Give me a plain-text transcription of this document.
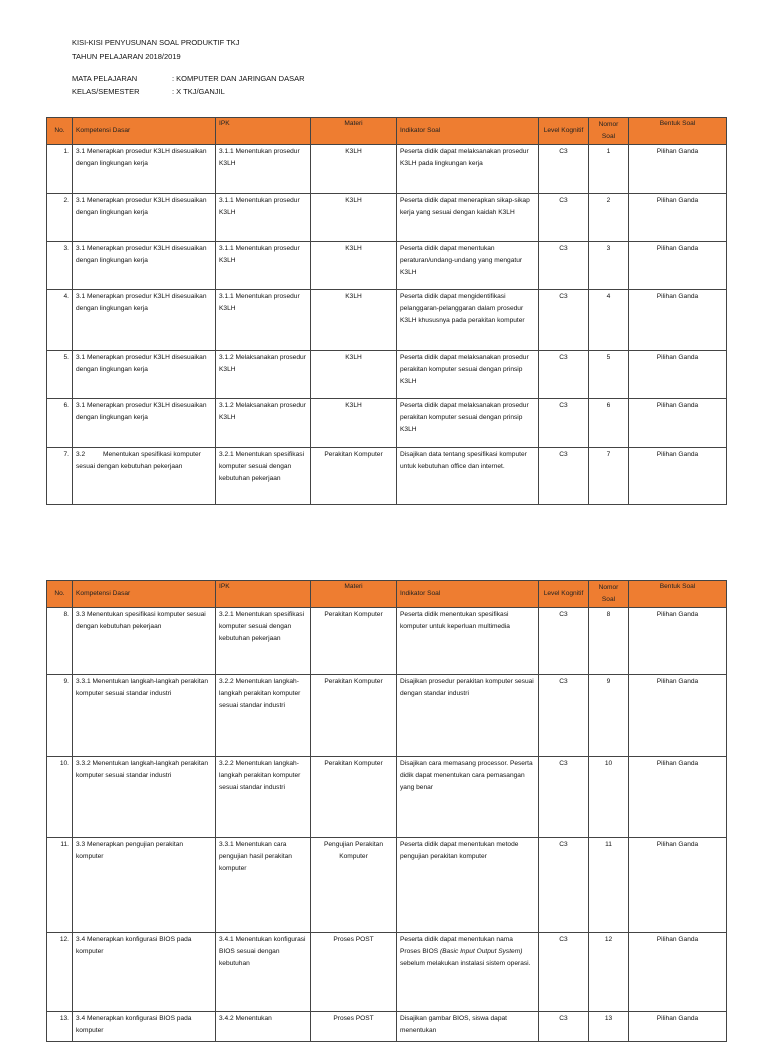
KISI-KISI PENYUSUNAN SOAL PRODUKTIF TKJ
TAHUN PELAJARAN 2018/2019
MATA PELAJARAN	: KOMPUTER DAN JARINGAN DASAR
KELAS/SEMESTER	: X TKJ/GANJIL
No.	Kompetensi Dasar	IPK	Materi	Indikator Soal	Level Kognitif	Nomor Soal	Bentuk Soal
1.	3.1 Menerapkan prosedur K3LH disesuaikan dengan lingkungan kerja	3.1.1 Menentukan prosedur K3LH	K3LH	Peserta didik dapat melaksanakan prosedur K3LH pada lingkungan kerja	C3	1	Pilihan Ganda
2.	3.1 Menerapkan prosedur K3LH disesuaikan dengan lingkungan kerja	3.1.1 Menentukan prosedur K3LH	K3LH	Peserta didik dapat menerapkan sikap-sikap kerja yang sesuai dengan kaidah K3LH	C3	2	Pilihan Ganda
3.	3.1 Menerapkan prosedur K3LH disesuaikan dengan lingkungan kerja	3.1.1 Menentukan prosedur K3LH	K3LH	Peserta didik dapat menentukan peraturan/undang-undang yang mengatur K3LH	C3	3	Pilihan Ganda
4.	3.1 Menerapkan prosedur K3LH disesuaikan dengan lingkungan kerja	3.1.1 Menentukan prosedur K3LH	K3LH	Peserta didik dapat mengidentifikasi pelanggaran-pelanggaran dalam prosedur K3LH khususnya pada perakitan komputer	C3	4	Pilihan Ganda
5.	3.1 Menerapkan prosedur K3LH disesuaikan dengan lingkungan kerja	3.1.2 Melaksanakan prosedur K3LH	K3LH	Peserta didik dapat melaksanakan prosedur perakitan komputer sesuai dengan prinsip K3LH	C3	5	Pilihan Ganda
6.	3.1 Menerapkan prosedur K3LH disesuaikan dengan lingkungan kerja	3.1.2 Melaksanakan prosedur K3LH	K3LH	Peserta didik dapat melaksanakan prosedur perakitan komputer sesuai dengan prinsip K3LH	C3	6	Pilihan Ganda
7.	3.2 Menentukan spesifikasi komputer sesuai dengan kebutuhan pekerjaan	3.2.1 Menentukan spesifikasi komputer sesuai dengan kebutuhan pekerjaan	Perakitan Komputer	Disajikan data tentang spesifikasi komputer untuk kebutuhan office dan internet.	C3	7	Pilihan Ganda
No.	Kompetensi Dasar	IPK	Materi	Indikator Soal	Level Kognitif	Nomor Soal	Bentuk Soal
8.	3.3 Menentukan spesifikasi komputer sesuai dengan kebutuhan pekerjaan	3.2.1 Menentukan spesifikasi komputer sesuai dengan kebutuhan pekerjaan	Perakitan Komputer	Peserta didik menentukan spesifikasi komputer untuk keperluan multimedia	C3	8	Pilihan Ganda
9.	3.3.1 Menentukan langkah-langkah perakitan komputer sesuai standar industri	3.2.2 Menentukan langkah-langkah perakitan komputer sesuai standar industri	Perakitan Komputer	Disajikan prosedur perakitan komputer sesuai dengan standar industri	C3	9	Pilihan Ganda
10.	3.3.2 Menentukan langkah-langkah perakitan komputer sesuai standar industri	3.2.2 Menentukan langkah-langkah perakitan komputer sesuai standar industri	Perakitan Komputer	Disajikan cara memasang processor. Peserta didik dapat menentukan cara pemasangan yang benar	C3	10	Pilihan Ganda
11.	3.3 Menerapkan pengujian perakitan komputer	3.3.1 Menentukan cara pengujian hasil perakitan komputer	Pengujian Perakitan Komputer	Peserta didik dapat menentukan metode pengujian perakitan komputer	C3	11	Pilihan Ganda
12.	3.4 Menerapkan konfigurasi BIOS pada komputer	3.4.1 Menentukan konfigurasi BIOS sesuai dengan kebutuhan	Proses POST	Peserta didik dapat menentukan nama Proses BIOS (Basic Input Output System) sebelum melakukan instalasi sistem operasi.	C3	12	Pilihan Ganda
13.	3.4 Menerapkan konfigurasi BIOS pada komputer	3.4.2 Menentukan	Proses POST	Disajikan gambar BIOS, siswa dapat menentukan	C3	13	Pilihan Ganda
